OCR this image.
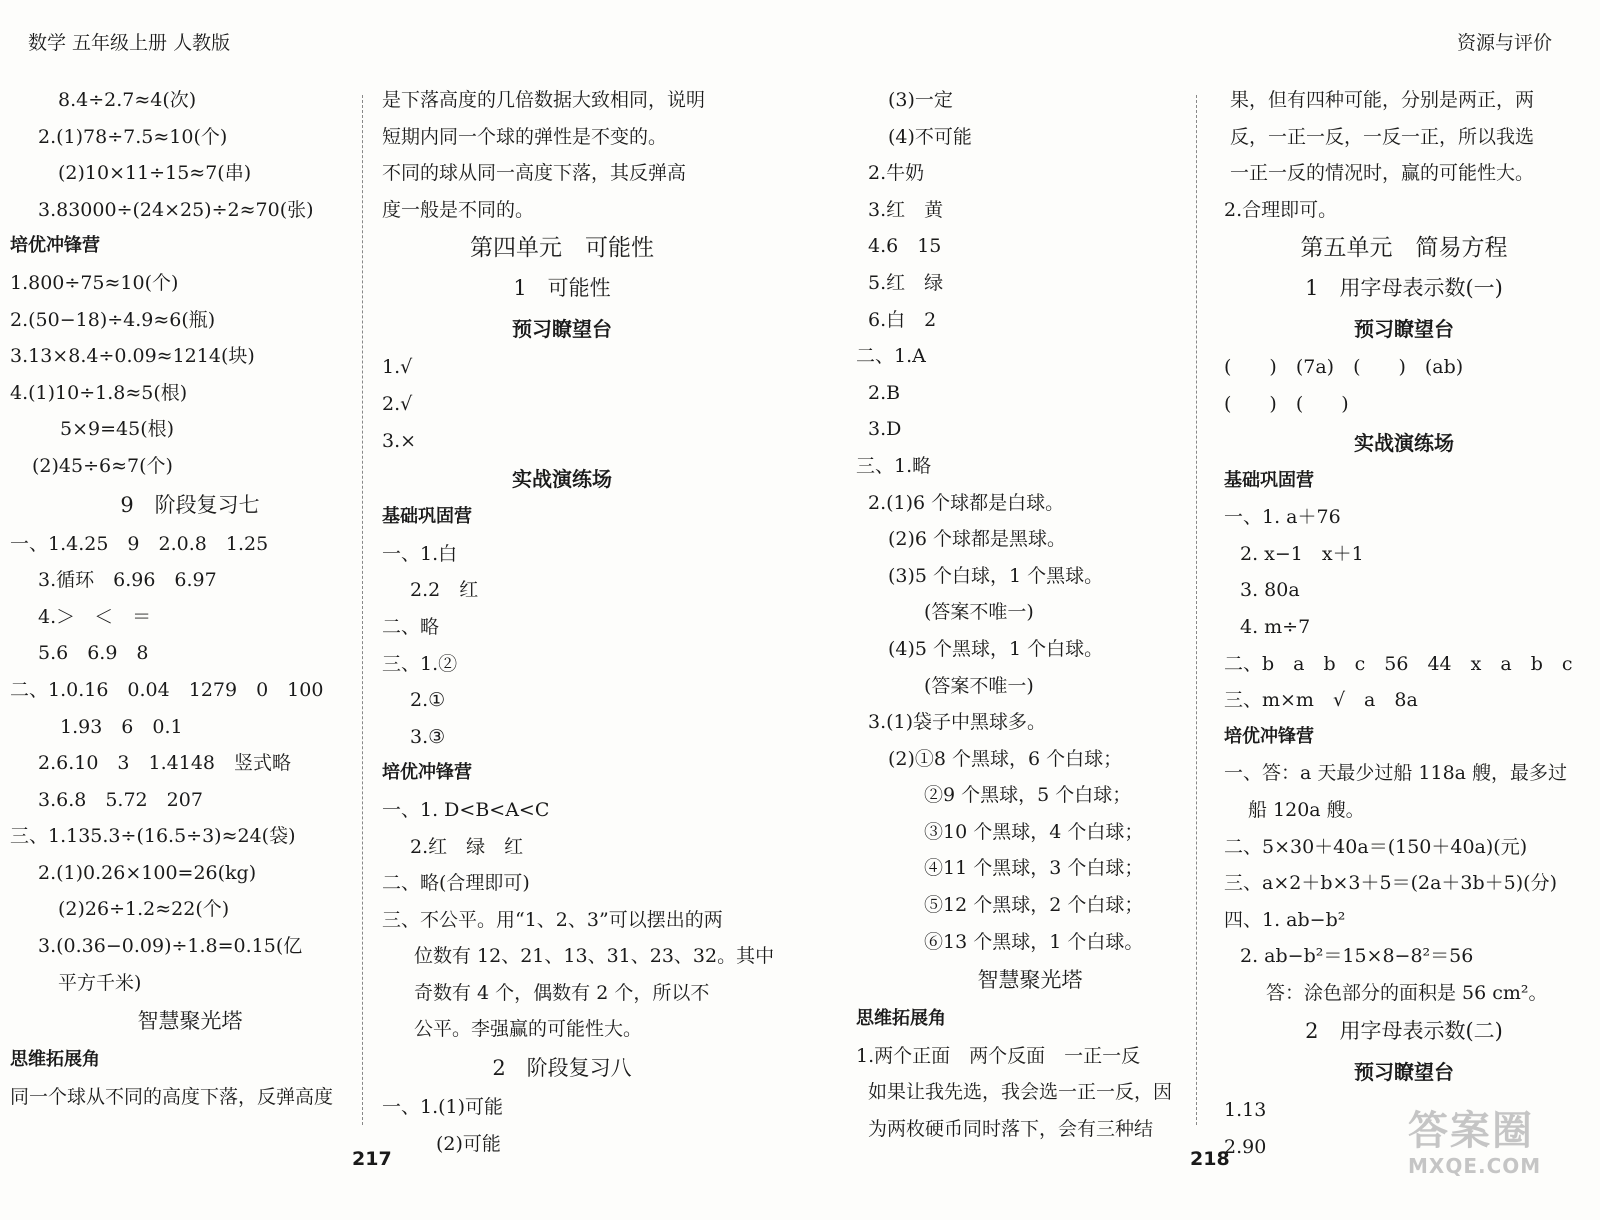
数学 五年级上册 人教版	资源与评价
8.4÷2.7≈4(次)
2.(1)78÷7.5≈10(个)
(2)10×11÷15≈7(串)
3.83000÷(24×25)÷2≈70(张)
培优冲锋营
1.800÷75≈10(个)
2.(50−18)÷4.9≈6(瓶)
3.13×8.4÷0.09≈1214(块)
4.(1)10÷1.8≈5(根)
5×9=45(根)
(2)45÷6≈7(个)
9　阶段复习七
一、1.4.25　9　2.0.8　1.25
3.循环　6.96　6.97
4.＞　＜　＝
5.6　6.9　8
二、1.0.16　0.04　1279　0　100
1.93　6　0.1
2.6.10　3　1.4148　竖式略
3.6.8　5.72　207
三、1.135.3÷(16.5÷3)≈24(袋)
2.(1)0.26×100=26(kg)
(2)26÷1.2≈22(个)
3.(0.36−0.09)÷1.8=0.15(亿
平方千米)
智慧聚光塔
思维拓展角
同一个球从不同的高度下落，反弹高度
是下落高度的几倍数据大致相同，说明
短期内同一个球的弹性是不变的。
不同的球从同一高度下落，其反弹高
度一般是不同的。
第四单元　可能性
1　可能性
预习瞭望台
1.√
2.√
3.×
实战演练场
基础巩固营
一、1.白
2.2　红
二、略
三、1.②
2.①
3.③
培优冲锋营
一、1. D<B<A<C
2.红　绿　红
二、略(合理即可)
三、不公平。用“1、2、3”可以摆出的两
位数有 12、21、13、31、23、32。其中
奇数有 4 个，偶数有 2 个，所以不
公平。李强赢的可能性大。
2　阶段复习八
一、1.(1)可能
(2)可能
(3)一定
(4)不可能
2.牛奶
3.红　黄
4.6　15
5.红　绿
6.白　2
二、1.A
2.B
3.D
三、1.略
2.(1)6 个球都是白球。
(2)6 个球都是黑球。
(3)5 个白球，1 个黑球。
(答案不唯一)
(4)5 个黑球，1 个白球。
(答案不唯一)
3.(1)袋子中黑球多。
(2)①8 个黑球，6 个白球；
②9 个黑球，5 个白球；
③10 个黑球，4 个白球；
④11 个黑球，3 个白球；
⑤12 个黑球，2 个白球；
⑥13 个黑球，1 个白球。
智慧聚光塔
思维拓展角
1.两个正面　两个反面　一正一反
如果让我先选，我会选一正一反，因
为两枚硬币同时落下，会有三种结
果，但有四种可能，分别是两正，两
反，一正一反，一反一正，所以我选
一正一反的情况时，赢的可能性大。
2.合理即可。
第五单元　简易方程
1　用字母表示数(一)
预习瞭望台
(　　)　(7a)　(　　)　(ab)
(　　)　(　　)
实战演练场
基础巩固营
一、1. a＋76
2. x−1　x＋1
3. 80a
4. m÷7
二、b　a　b　c　56　44　x　a　b　c
三、m×m　√　a　8a
培优冲锋营
一、答：a 天最少过船 118a 艘，最多过
船 120a 艘。
二、5×30＋40a＝(150＋40a)(元)
三、a×2＋b×3＋5＝(2a＋3b＋5)(分)
四、1. ab−b²
2. ab−b²＝15×8−8²＝56
答：涂色部分的面积是 56 cm²。
2　用字母表示数(二)
预习瞭望台
1.13
2.90
217	218
答案圈
MXQE.COM
